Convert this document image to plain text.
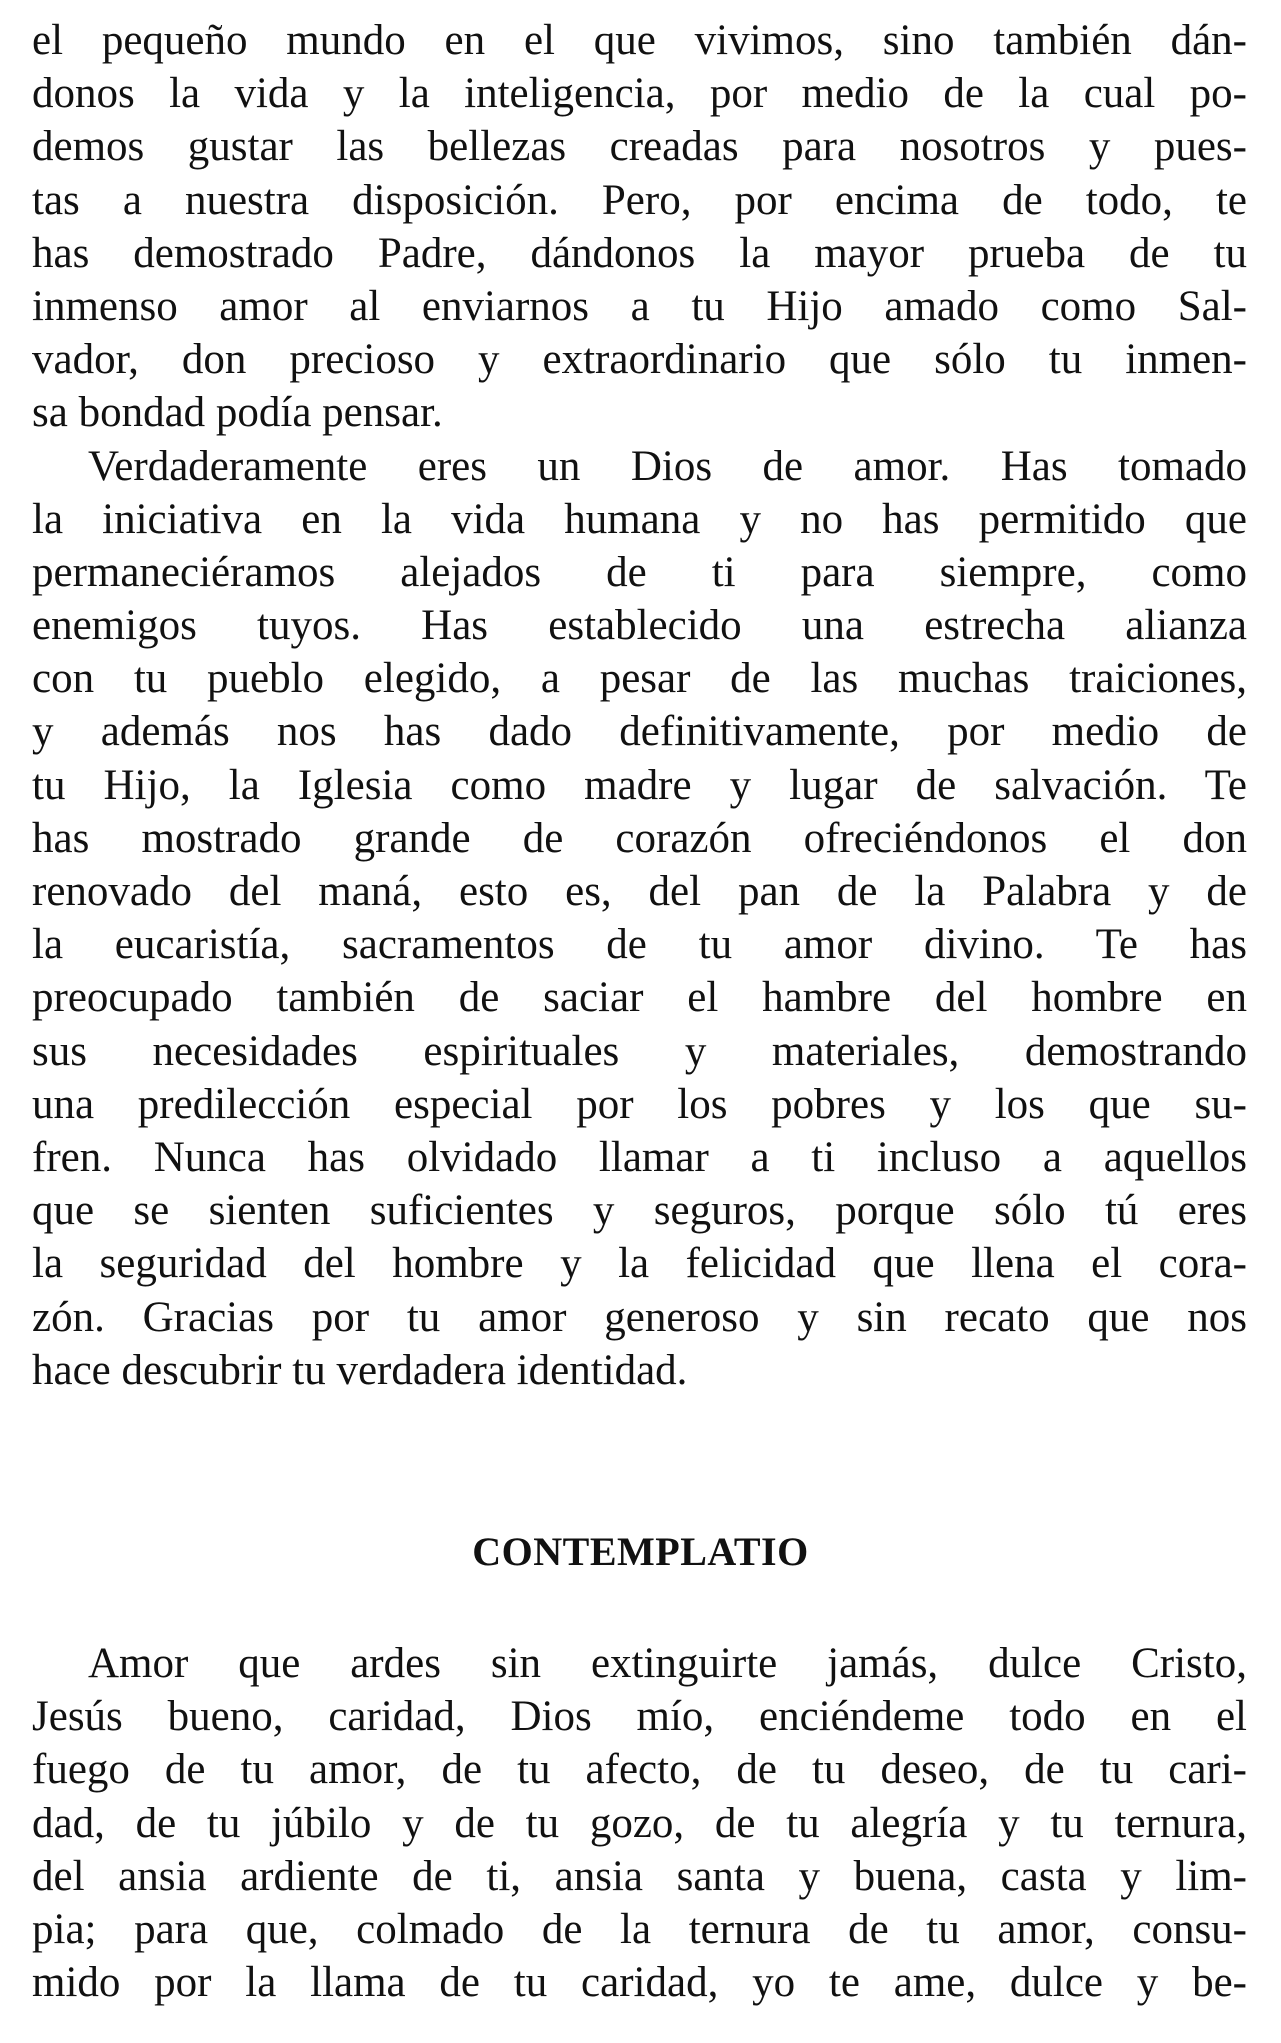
el pequeño mundo en el que vivimos, sino también dán-
donos la vida y la inteligencia, por medio de la cual po-
demos gustar las bellezas creadas para nosotros y pues-
tas a nuestra disposición. Pero, por encima de todo, te
has demostrado Padre, dándonos la mayor prueba de tu
inmenso amor al enviarnos a tu Hijo amado como Sal-
vador, don precioso y extraordinario que sólo tu inmen-
sa bondad podía pensar.
Verdaderamente eres un Dios de amor. Has tomado
la iniciativa en la vida humana y no has permitido que
permaneciéramos alejados de ti para siempre, como
enemigos tuyos. Has establecido una estrecha alianza
con tu pueblo elegido, a pesar de las muchas traiciones,
y además nos has dado definitivamente, por medio de
tu Hijo, la Iglesia como madre y lugar de salvación. Te
has mostrado grande de corazón ofreciéndonos el don
renovado del maná, esto es, del pan de la Palabra y de
la eucaristía, sacramentos de tu amor divino. Te has
preocupado también de saciar el hambre del hombre en
sus necesidades espirituales y materiales, demostrando
una predilección especial por los pobres y los que su-
fren. Nunca has olvidado llamar a ti incluso a aquellos
que se sienten suficientes y seguros, porque sólo tú eres
la seguridad del hombre y la felicidad que llena el cora-
zón. Gracias por tu amor generoso y sin recato que nos
hace descubrir tu verdadera identidad.
CONTEMPLATIO
Amor que ardes sin extinguirte jamás, dulce Cristo,
Jesús bueno, caridad, Dios mío, enciéndeme todo en el
fuego de tu amor, de tu afecto, de tu deseo, de tu cari-
dad, de tu júbilo y de tu gozo, de tu alegría y tu ternura,
del ansia ardiente de ti, ansia santa y buena, casta y lim-
pia; para que, colmado de la ternura de tu amor, consu-
mido por la llama de tu caridad, yo te ame, dulce y be-
